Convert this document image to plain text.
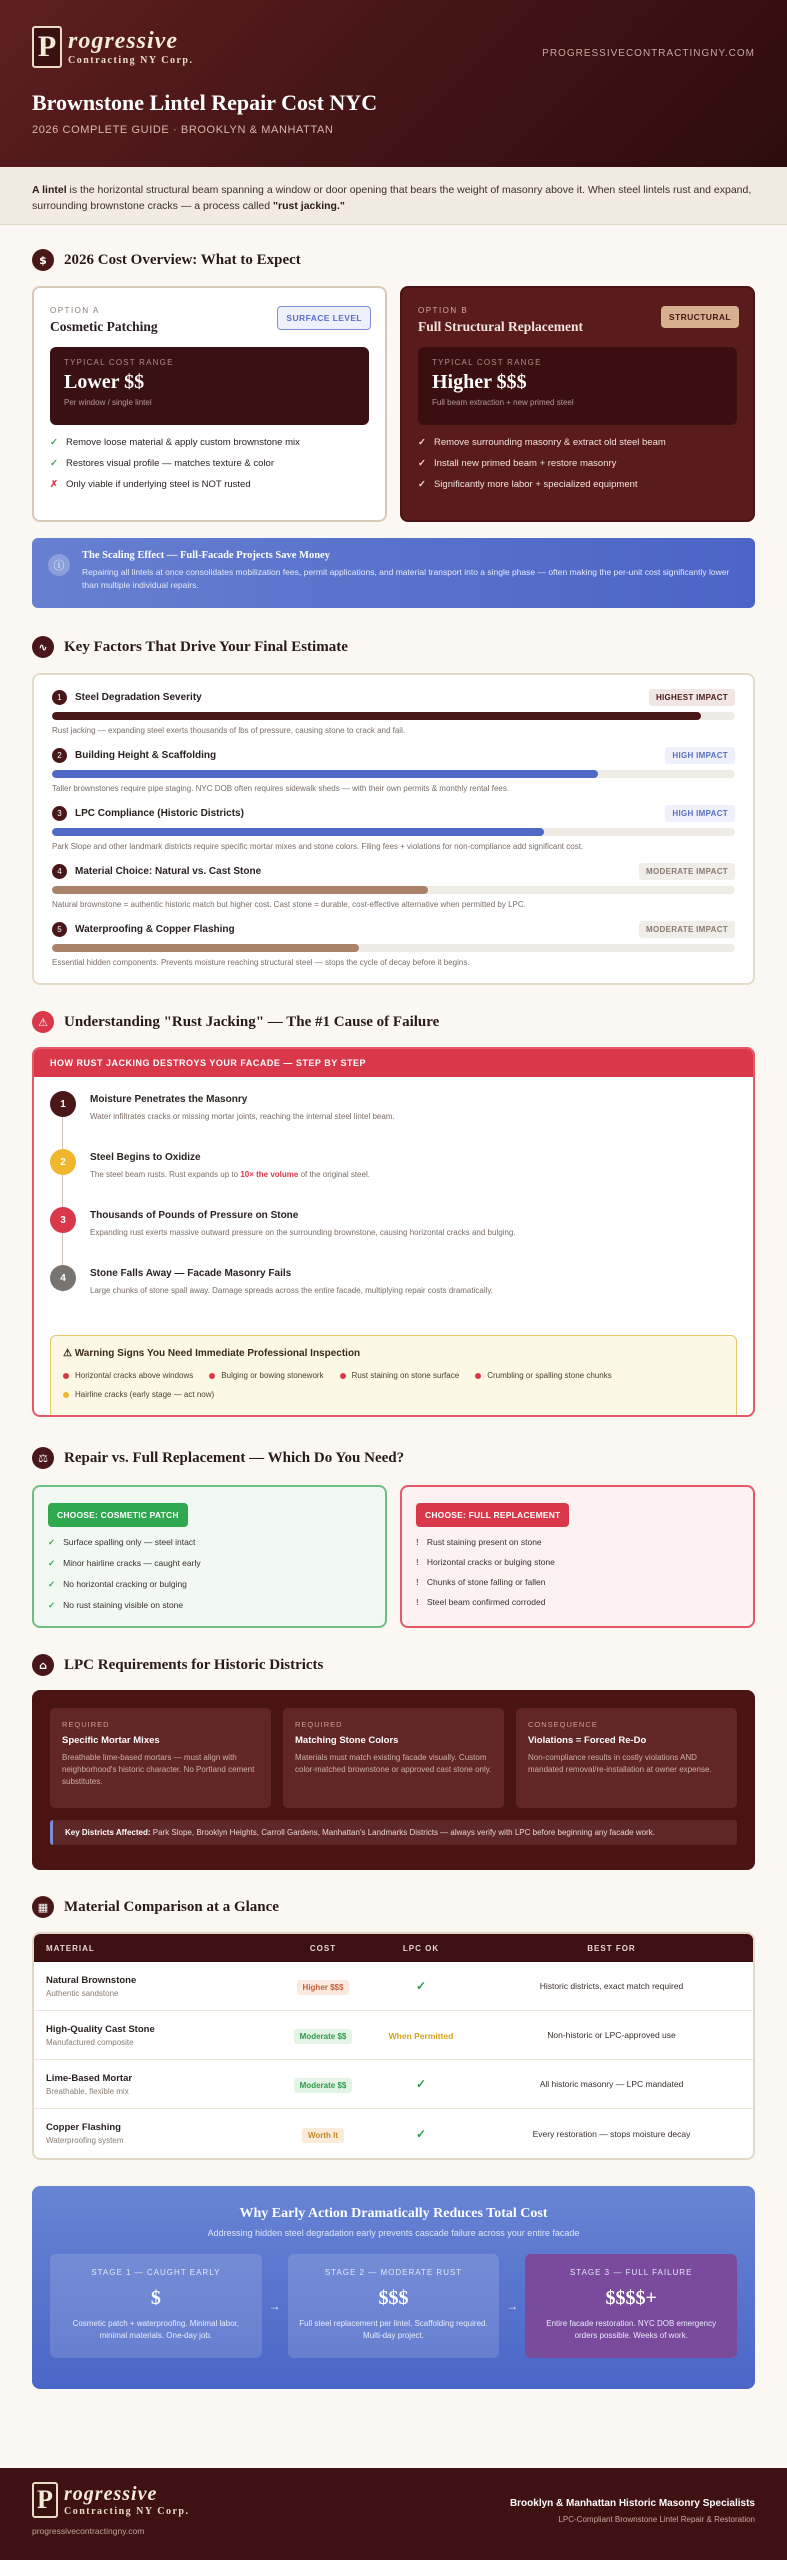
P rogressive
Contracting NY Corp.
PROGRESSIVECONTRACTINGNY.COM
Brownstone Lintel Repair Cost NYC
2026 COMPLETE GUIDE · BROOKLYN & MANHATTAN
A lintel is the horizontal structural beam spanning a window or door opening that bears the weight of masonry above it. When steel lintels rust and expand, surrounding brownstone cracks — a process called "rust jacking."
$	2026 Cost Overview: What to Expect
OPTION A
Cosmetic Patching
SURFACE LEVEL
TYPICAL COST RANGE
Lower $$
Per window / single lintel
✓ Remove loose material & apply custom brownstone mix
✓ Restores visual profile — matches texture & color
✗ Only viable if underlying steel is NOT rusted
OPTION B
Full Structural Replacement
STRUCTURAL
TYPICAL COST RANGE
Higher $$$
Full beam extraction + new primed steel
✓ Remove surrounding masonry & extract old steel beam
✓ Install new primed beam + restore masonry
✓ Significantly more labor + specialized equipment
ⓘ
The Scaling Effect — Full-Facade Projects Save Money

Repairing all lintels at once consolidates mobilization fees, permit applications, and material transport into a single phase — often making the per-unit cost significantly lower than multiple individual repairs.

∿	Key Factors That Drive Your Final Estimate
1	Steel Degradation Severity	HIGHEST IMPACT
Rust jacking — expanding steel exerts thousands of lbs of pressure, causing stone to crack and fail.
2	Building Height & Scaffolding	HIGH IMPACT
Taller brownstones require pipe staging. NYC DOB often requires sidewalk sheds — with their own permits & monthly rental fees.
3	LPC Compliance (Historic Districts)	HIGH IMPACT
Park Slope and other landmark districts require specific mortar mixes and stone colors. Filing fees + violations for non-compliance add significant cost.
4	Material Choice: Natural vs. Cast Stone	MODERATE IMPACT
Natural brownstone = authentic historic match but higher cost. Cast stone = durable, cost-effective alternative when permitted by LPC.
5	Waterproofing & Copper Flashing	MODERATE IMPACT
Essential hidden components. Prevents moisture reaching structural steel — stops the cycle of decay before it begins.
⚠	Understanding "Rust Jacking" — The #1 Cause of Failure
HOW RUST JACKING DESTROYS YOUR FACADE — STEP BY STEP
1	Moisture Penetrates the Masonry

Water infiltrates cracks or missing mortar joints, reaching the internal steel lintel beam.

2	Steel Begins to Oxidize

The steel beam rusts. Rust expands up to 10× the volume of the original steel.

3	Thousands of Pounds of Pressure on Stone

Expanding rust exerts massive outward pressure on the surrounding brownstone, causing horizontal cracks and bulging.

4	Stone Falls Away — Facade Masonry Fails

Large chunks of stone spall away. Damage spreads across the entire facade, multiplying repair costs dramatically.

⚠ Warning Signs You Need Immediate Professional Inspection
Horizontal cracks above windows	Bulging or bowing stonework	Rust staining on stone surface	Crumbling or spalling stone chunks
Hairline cracks (early stage — act now)
⚖	Repair vs. Full Replacement — Which Do You Need?
CHOOSE: COSMETIC PATCH
✓ Surface spalling only — steel intact
✓ Minor hairline cracks — caught early
✓ No horizontal cracking or bulging
✓ No rust staining visible on stone
CHOOSE: FULL REPLACEMENT
! Rust staining present on stone
! Horizontal cracks or bulging stone
! Chunks of stone falling or fallen
! Steel beam confirmed corroded
⌂	LPC Requirements for Historic Districts
REQUIRED
Specific Mortar Mixes

Breathable lime-based mortars — must align with neighborhood's historic character. No Portland cement substitutes.

REQUIRED
Matching Stone Colors

Materials must match existing facade visually. Custom color-matched brownstone or approved cast stone only.

CONSEQUENCE
Violations = Forced Re-Do

Non-compliance results in costly violations AND mandated removal/re-installation at owner expense.

Key Districts Affected: Park Slope, Brooklyn Heights, Carroll Gardens, Manhattan's Landmarks Districts — always verify with LPC before beginning any facade work.
▦	Material Comparison at a Glance
MATERIAL	COST	LPC OK	BEST FOR
Natural Brownstone
Authentic sandstone
Higher $$$	✓	Historic districts, exact match required
High-Quality Cast Stone
Manufactured composite
Moderate $$	When Permitted	Non-historic or LPC-approved use
Lime-Based Mortar
Breathable, flexible mix
Moderate $$	✓	All historic masonry — LPC mandated
Copper Flashing
Waterproofing system
Worth It	✓	Every restoration — stops moisture decay
Why Early Action Dramatically Reduces Total Cost
Addressing hidden steel degradation early prevents cascade failure across your entire facade
STAGE 1 — CAUGHT EARLY
$
Cosmetic patch + waterproofing. Minimal labor, minimal materials. One-day job.
→
STAGE 2 — MODERATE RUST
$$$
Full steel replacement per lintel. Scaffolding required. Multi-day project.
→
STAGE 3 — FULL FAILURE
$$$$+
Entire facade restoration. NYC DOB emergency orders possible. Weeks of work.
P rogressive
Contracting NY Corp.
progressivecontractingny.com
Brooklyn & Manhattan Historic Masonry Specialists
LPC-Compliant Brownstone Lintel Repair & Restoration
